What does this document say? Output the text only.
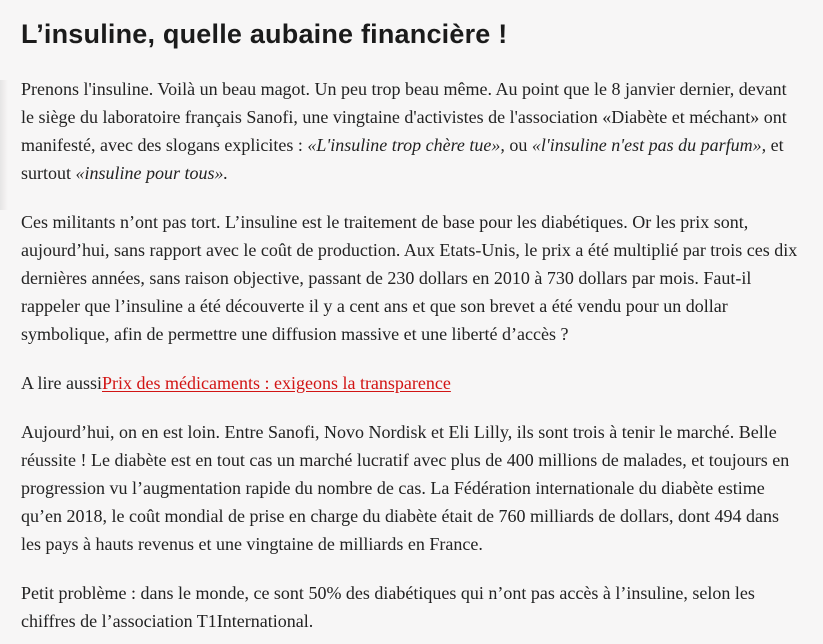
L’insuline, quelle aubaine financière !

Prenons l'insuline. Voilà un beau magot. Un peu trop beau même. Au point que le 8 janvier dernier, devant le siège du laboratoire français Sanofi, une vingtaine d'activistes de l'association «Diabète et méchant» ont manifesté, avec des slogans explicites : «L'insuline trop chère tue», ou «l'insuline n'est pas du parfum», et surtout «insuline pour tous».

Ces militants n’ont pas tort. L’insuline est le traitement de base pour les diabétiques. Or les prix sont, aujourd’hui, sans rapport avec le coût de production. Aux Etats-Unis, le prix a été multiplié par trois ces dix dernières années, sans raison objective, passant de 230 dollars en 2010 à 730 dollars par mois. Faut-il rappeler que l’insuline a été découverte il y a cent ans et que son brevet a été vendu pour un dollar symbolique, afin de permettre une diffusion massive et une liberté d’accès ?

A lire aussiPrix des médicaments : exigeons la transparence

Aujourd’hui, on en est loin. Entre Sanofi, Novo Nordisk et Eli Lilly, ils sont trois à tenir le marché. Belle réussite ! Le diabète est en tout cas un marché lucratif avec plus de 400 millions de malades, et toujours en progression vu l’augmentation rapide du nombre de cas. La Fédération internationale du diabète estime qu’en 2018, le coût mondial de prise en charge du diabète était de 760 milliards de dollars, dont 494 dans les pays à hauts revenus et une vingtaine de milliards en France.

Petit problème : dans le monde, ce sont 50% des diabétiques qui n’ont pas accès à l’insuline, selon les chiffres de l’association T1International.
